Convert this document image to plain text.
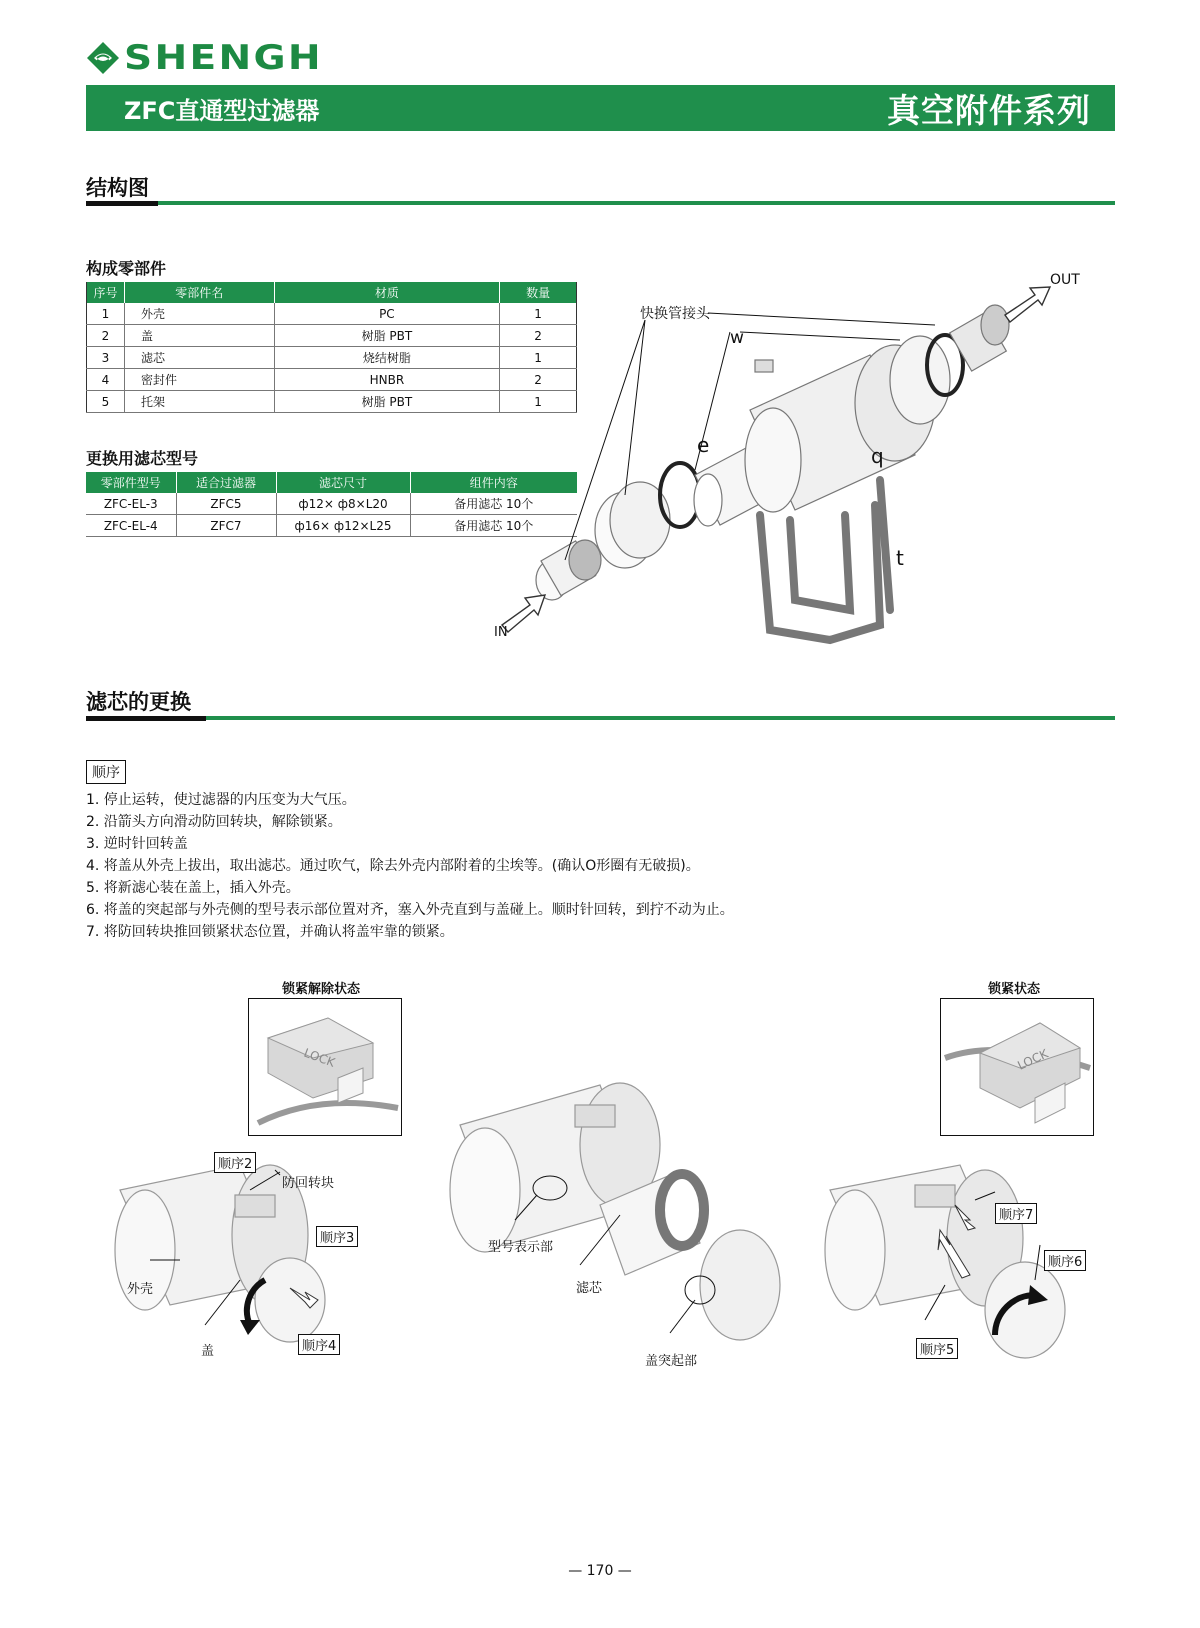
SHENGH
ZFC直通型过滤器	真空附件系列
结构图
构成零部件
序号	零部件名	材质	数量
1	外壳	PC	1
2	盖	树脂 PBT	2
3	滤芯	烧结树脂	1
4	密封件	HNBR	2
5	托架	树脂 PBT	1
更换用滤芯型号
零部件型号	适合过滤器	滤芯尺寸	组件内容
ZFC-EL-3	ZFC5	ф12× ф8×L20	备用滤芯 10个
ZFC-EL-4	ZFC7	ф16× ф12×L25	备用滤芯 10个
OUT
IN
快换管接头
w
e	q
t
滤芯的更换
顺序
1. 停止运转，使过滤器的内压变为大气压。
2. 沿箭头方向滑动防回转块，解除锁紧。
3. 逆时针回转盖
4. 将盖从外壳上拔出，取出滤芯。通过吹气，除去外壳内部附着的尘埃等。(确认O形圈有无破损)。
5. 将新滤心装在盖上，插入外壳。
6. 将盖的突起部与外壳侧的型号表示部位置对齐，塞入外壳直到与盖碰上。顺时针回转，到拧不动为止。
7. 将防回转块推回锁紧状态位置，并确认将盖牢靠的锁紧。
锁紧解除状态
LOCK
锁紧状态
LOCK
顺序2
防回转块
顺序3
外壳
盖	顺序4
型号表示部
滤芯
盖突起部
顺序7
顺序6
顺序5
— 170 —
